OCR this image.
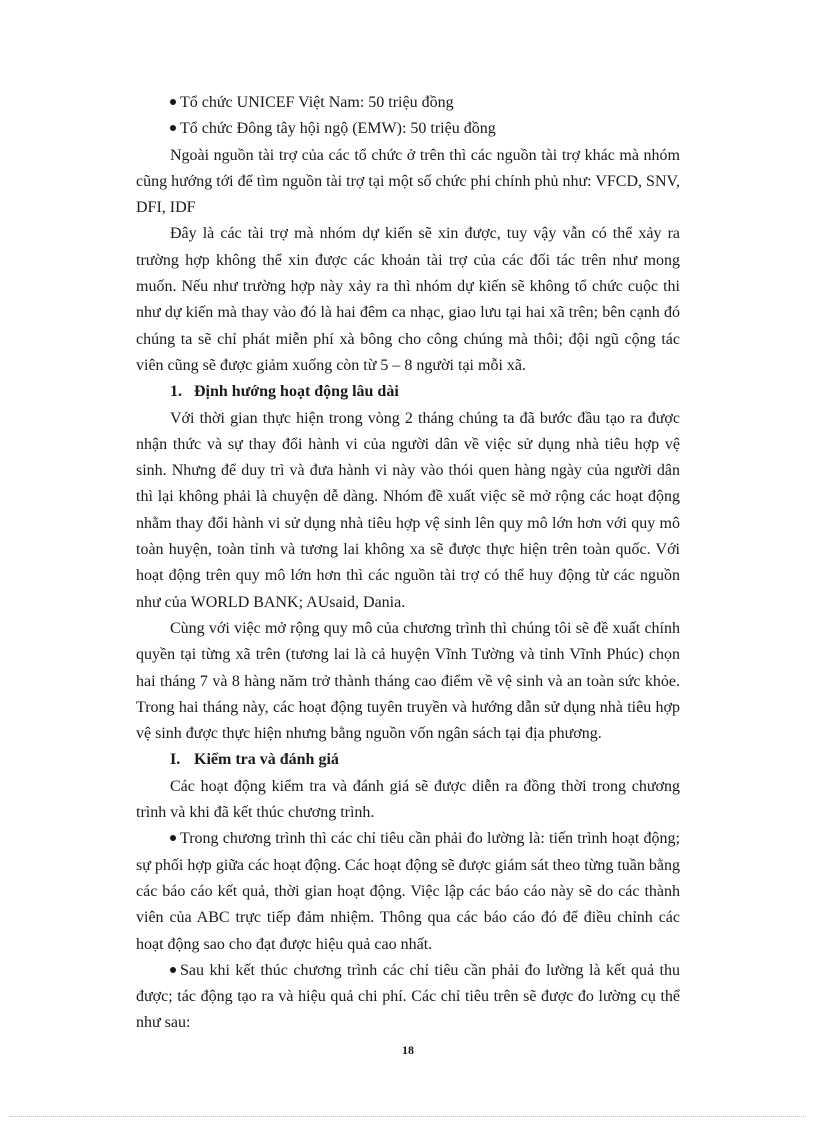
Tổ chức UNICEF Việt Nam: 50 triệu đồng

Tổ chức Đông tây hội ngộ (EMW): 50 triệu đồng

Ngoài nguồn tài trợ của các tổ chức ở trên thì các nguồn tài trợ khác mà nhóm cũng hướng tới để tìm nguồn tài trợ tại một số chức phi chính phủ như: VFCD, SNV, DFI, IDF

Đây là các tài trợ mà nhóm dự kiến sẽ xin được, tuy vậy vẫn có thể xảy ra trường hợp không thể xin được các khoản tài trợ của các đối tác trên như mong muốn. Nếu như trường hợp này xảy ra thì nhóm dự kiến sẽ không tổ chức cuộc thi như dự kiến mà thay vào đó là hai đêm ca nhạc, giao lưu tại hai xã trên; bên cạnh đó chúng ta sẽ chỉ phát miễn phí xà bông cho công chúng mà thôi; đội ngũ cộng tác viên cũng sẽ được giảm xuống còn từ 5 – 8 người tại mỗi xã.

1. Định hướng hoạt động lâu dài

Với thời gian thực hiện trong vòng 2 tháng chúng ta đã bước đầu tạo ra được nhận thức và sự thay đổi hành vi của người dân về việc sử dụng nhà tiêu hợp vệ sinh. Nhưng để duy trì và đưa hành vi này vào thói quen hàng ngày của người dân thì lại không phải là chuyện dễ dàng. Nhóm đề xuất việc sẽ mở rộng các hoạt động nhằm thay đổi hành vi sử dụng nhà tiêu hợp vệ sinh lên quy mô lớn hơn với quy mô toàn huyện, toàn tỉnh và tương lai không xa sẽ được thực hiện trên toàn quốc. Với hoạt động trên quy mô lớn hơn thì các nguồn tài trợ có thể huy động từ các nguồn như của WORLD BANK; AUsaid, Dania.

Cùng với việc mở rộng quy mô của chương trình thì chúng tôi sẽ đề xuất chính quyền tại từng xã trên (tương lai là cả huyện Vĩnh Tường và tỉnh Vĩnh Phúc) chọn hai tháng 7 và 8 hàng năm trở thành tháng cao điểm về vệ sinh và an toàn sức khỏe. Trong hai tháng này, các hoạt động tuyên truyền và hướng dẫn sử dụng nhà tiêu hợp vệ sinh được thực hiện nhưng bằng nguồn vốn ngân sách tại địa phương.

I. Kiểm tra và đánh giá

Các hoạt động kiểm tra và đánh giá sẽ được diễn ra đồng thời trong chương trình và khi đã kết thúc chương trình.

Trong chương trình thì các chỉ tiêu cần phải đo lường là: tiến trình hoạt động; sự phối hợp giữa các hoạt động. Các hoạt động sẽ được giám sát theo từng tuần bằng các báo cáo kết quả, thời gian hoạt động. Việc lập các báo cáo này sẽ do các thành viên của ABC trực tiếp đảm nhiệm. Thông qua các báo cáo đó để điều chỉnh các hoạt động sao cho đạt được hiệu quả cao nhất.

Sau khi kết thúc chương trình các chỉ tiêu cần phải đo lường là kết quả thu được; tác động tạo ra và hiệu quả chi phí. Các chỉ tiêu trên sẽ được đo lường cụ thể như sau:

18
